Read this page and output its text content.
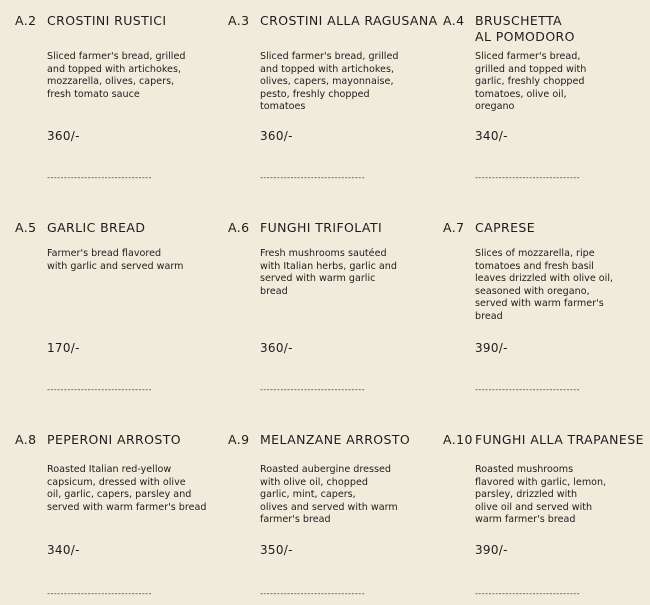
A.2 CROSTINI RUSTICI
Sliced farmer's bread, grilled
and topped with artichokes,
mozzarella, olives, capers,
fresh tomato sauce
360/-
-------------------------------
A.3 CROSTINI ALLA RAGUSANA
Sliced farmer's bread, grilled
and topped with artichokes,
olives, capers, mayonnaise,
pesto, freshly chopped
tomatoes
360/-
-------------------------------
A.4 BRUSCHETTA
AL POMODORO
Sliced farmer's bread,
grilled and topped with
garlic, freshly chopped
tomatoes, olive oil,
oregano
340/-
-------------------------------
A.5 GARLIC BREAD
Farmer's bread flavored
with garlic and served warm
170/-
-------------------------------
A.6 FUNGHI TRIFOLATI
Fresh mushrooms sautéed
with Italian herbs, garlic and
served with warm garlic
bread
360/-
-------------------------------
A.7 CAPRESE
Slices of mozzarella, ripe
tomatoes and fresh basil
leaves drizzled with olive oil,
seasoned with oregano,
served with warm farmer's
bread
390/-
-------------------------------
A.8 PEPERONI ARROSTO
Roasted Italian red-yellow
capsicum, dressed with olive
oil, garlic, capers, parsley and
served with warm farmer's bread
340/-
-------------------------------
A.9 MELANZANE ARROSTO
Roasted aubergine dressed
with olive oil, chopped
garlic, mint, capers,
olives and served with warm
farmer's bread
350/-
-------------------------------
A.10 FUNGHI ALLA TRAPANESE
Roasted mushrooms
flavored with garlic, lemon,
parsley, drizzled with
olive oil and served with
warm farmer's bread
390/-
-------------------------------
